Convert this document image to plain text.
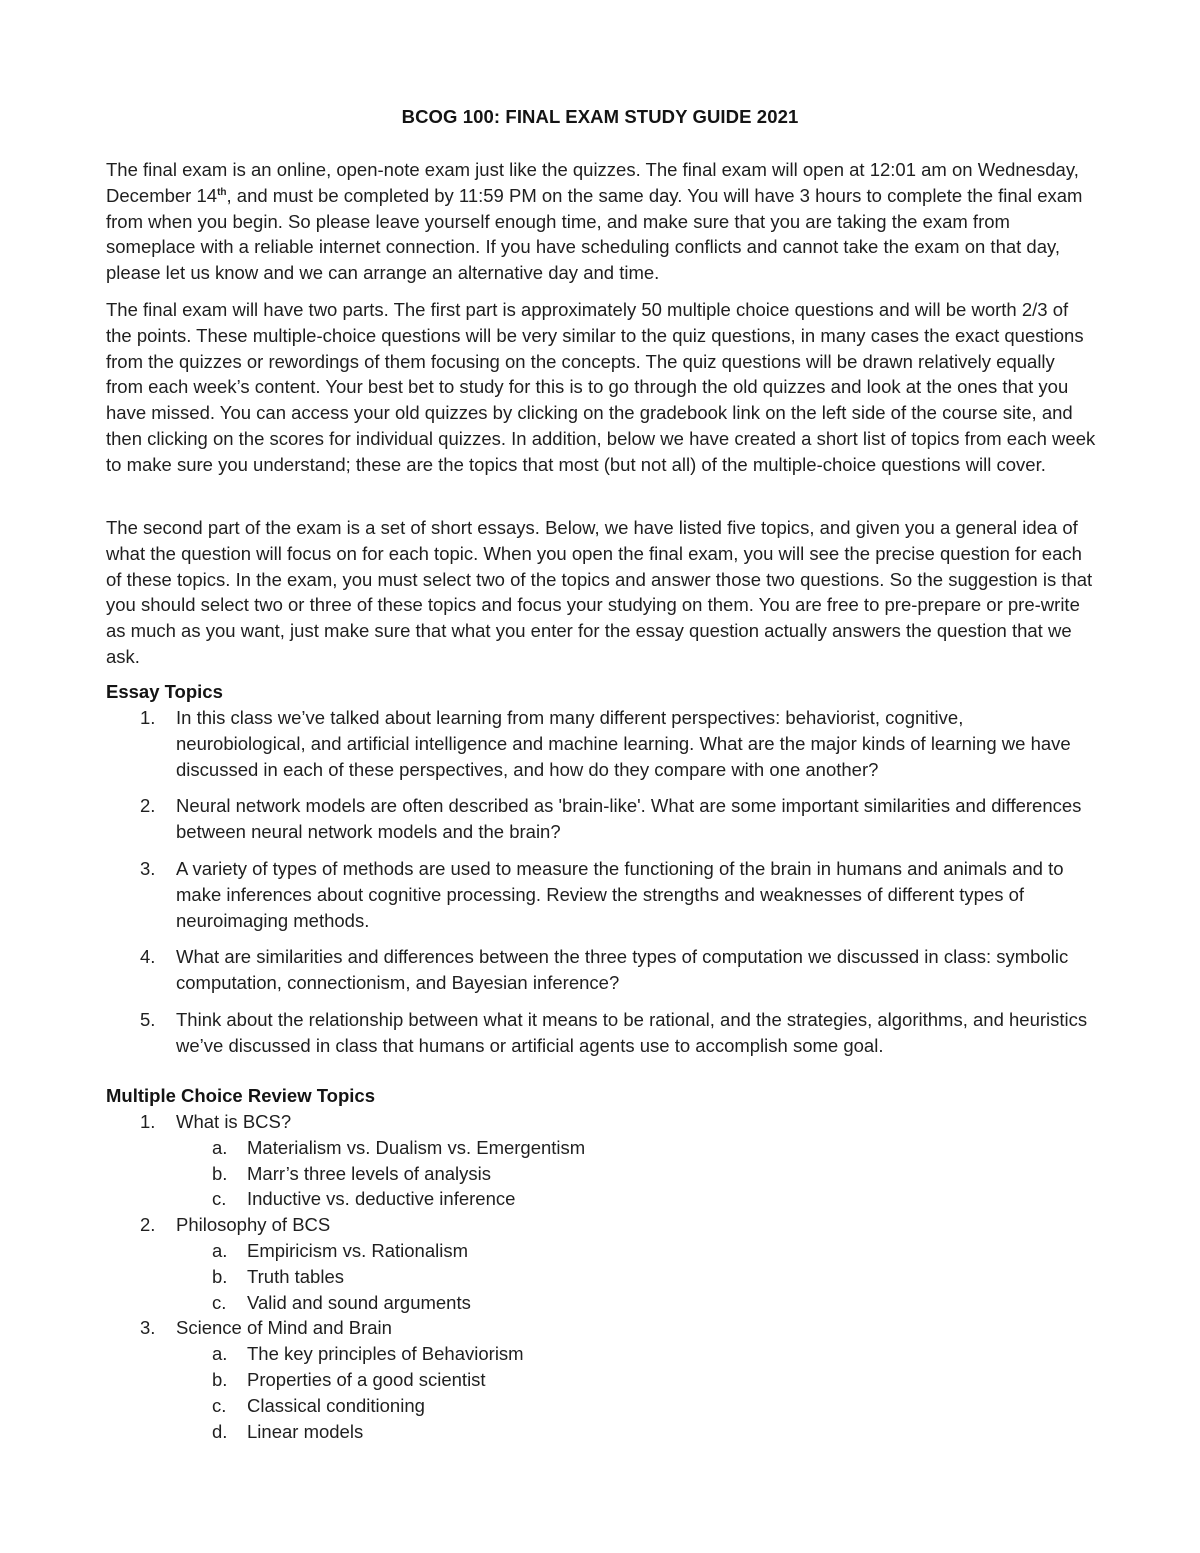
BCOG 100: FINAL EXAM STUDY GUIDE 2021
The final exam is an online, open-note exam just like the quizzes. The final exam will open at 12:01 am on Wednesday, December 14th, and must be completed by 11:59 PM on the same day. You will have 3 hours to complete the final exam from when you begin. So please leave yourself enough time, and make sure that you are taking the exam from someplace with a reliable internet connection. If you have scheduling conflicts and cannot take the exam on that day, please let us know and we can arrange an alternative day and time.
The final exam will have two parts. The first part is approximately 50 multiple choice questions and will be worth 2/3 of the points. These multiple-choice questions will be very similar to the quiz questions, in many cases the exact questions from the quizzes or rewordings of them focusing on the concepts. The quiz questions will be drawn relatively equally from each week’s content. Your best bet to study for this is to go through the old quizzes and look at the ones that you have missed. You can access your old quizzes by clicking on the gradebook link on the left side of the course site, and then clicking on the scores for individual quizzes. In addition, below we have created a short list of topics from each week to make sure you understand; these are the topics that most (but not all) of the multiple-choice questions will cover.
The second part of the exam is a set of short essays. Below, we have listed five topics, and given you a general idea of what the question will focus on for each topic. When you open the final exam, you will see the precise question for each of these topics. In the exam, you must select two of the topics and answer those two questions. So the suggestion is that you should select two or three of these topics and focus your studying on them. You are free to pre-prepare or pre-write as much as you want, just make sure that what you enter for the essay question actually answers the question that we ask.
Essay Topics
1. In this class we’ve talked about learning from many different perspectives: behaviorist, cognitive, neurobiological, and artificial intelligence and machine learning. What are the major kinds of learning we have discussed in each of these perspectives, and how do they compare with one another?
2. Neural network models are often described as 'brain-like'. What are some important similarities and differences between neural network models and the brain?
3. A variety of types of methods are used to measure the functioning of the brain in humans and animals and to make inferences about cognitive processing. Review the strengths and weaknesses of different types of neuroimaging methods.
4. What are similarities and differences between the three types of computation we discussed in class: symbolic computation, connectionism, and Bayesian inference?
5. Think about the relationship between what it means to be rational, and the strategies, algorithms, and heuristics we’ve discussed in class that humans or artificial agents use to accomplish some goal.
Multiple Choice Review Topics
1. What is BCS?
a. Materialism vs. Dualism vs. Emergentism
b. Marr’s three levels of analysis
c. Inductive vs. deductive inference
2. Philosophy of BCS
a. Empiricism vs. Rationalism
b. Truth tables
c. Valid and sound arguments
3. Science of Mind and Brain
a. The key principles of Behaviorism
b. Properties of a good scientist
c. Classical conditioning
d. Linear models
